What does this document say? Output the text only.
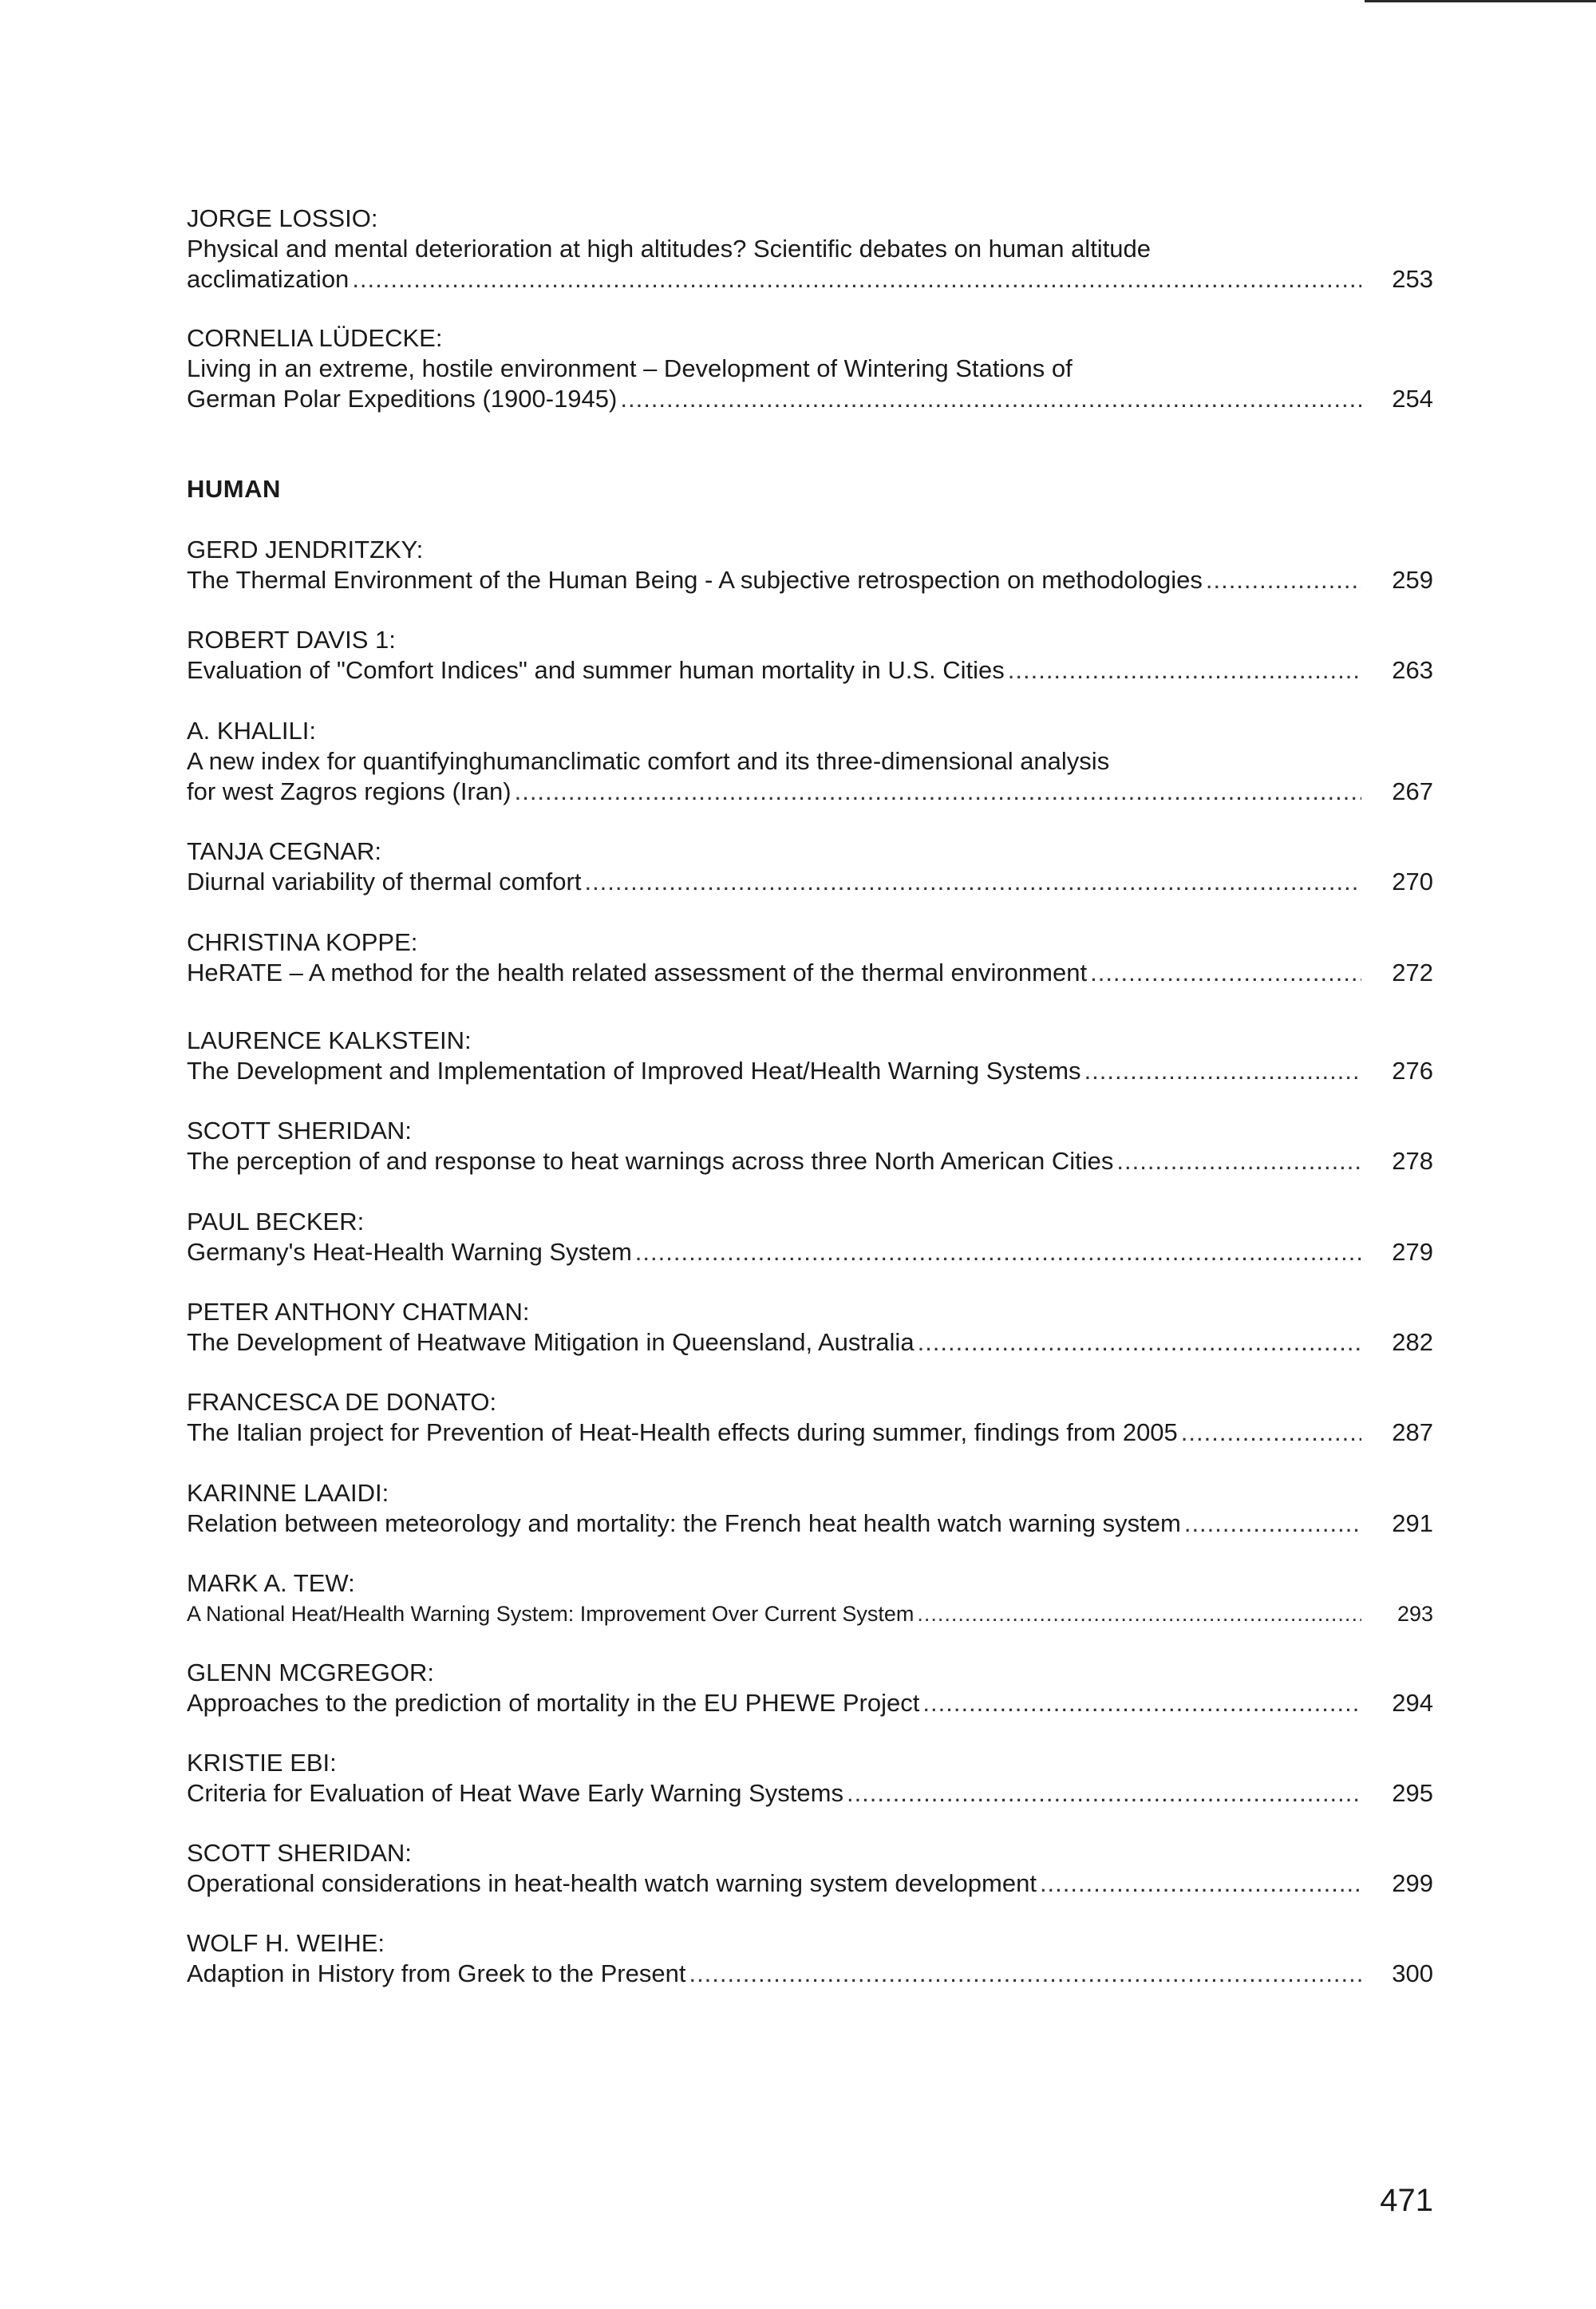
JORGE LOSSIO:
Physical and mental deterioration at high altitudes? Scientific debates on human altitude
acclimatization .....	253
CORNELIA LÜDECKE:
Living in an extreme, hostile environment – Development of Wintering Stations of
German Polar Expeditions (1900-1945) .....	254
HUMAN
GERD JENDRITZKY:
The Thermal Environment of the Human Being - A subjective retrospection on methodologies .....	259
ROBERT DAVIS 1:
Evaluation of "Comfort Indices" and summer human mortality in U.S. Cities .....	263
A. KHALILI:
A new index for quantifyinghumanclimatic comfort and its three-dimensional analysis
for west Zagros regions (Iran) .....	267
TANJA CEGNAR:
Diurnal variability of thermal comfort .....	270
CHRISTINA KOPPE:
HeRATE – A method for the health related assessment of the thermal environment .....	272
LAURENCE KALKSTEIN:
The Development and Implementation of Improved Heat/Health Warning Systems .....	276
SCOTT SHERIDAN:
The perception of and response to heat warnings across three North American Cities .....	278
PAUL BECKER:
Germany's Heat-Health Warning System .....	279
PETER ANTHONY CHATMAN:
The Development of Heatwave Mitigation in Queensland, Australia .....	282
FRANCESCA DE DONATO:
The Italian project for Prevention of Heat-Health effects during summer, findings from 2005 .....	287
KARINNE LAAIDI:
Relation between meteorology and mortality: the French heat health watch warning system .....	291
MARK A. TEW:
A National Heat/Health Warning System: Improvement Over Current System .....	293
GLENN MCGREGOR:
Approaches to the prediction of mortality in the EU PHEWE Project .....	294
KRISTIE EBI:
Criteria for Evaluation of Heat Wave Early Warning Systems .....	295
SCOTT SHERIDAN:
Operational considerations in heat-health watch warning system development .....	299
WOLF H. WEIHE:
Adaption in History from Greek to the Present .....	300
471
